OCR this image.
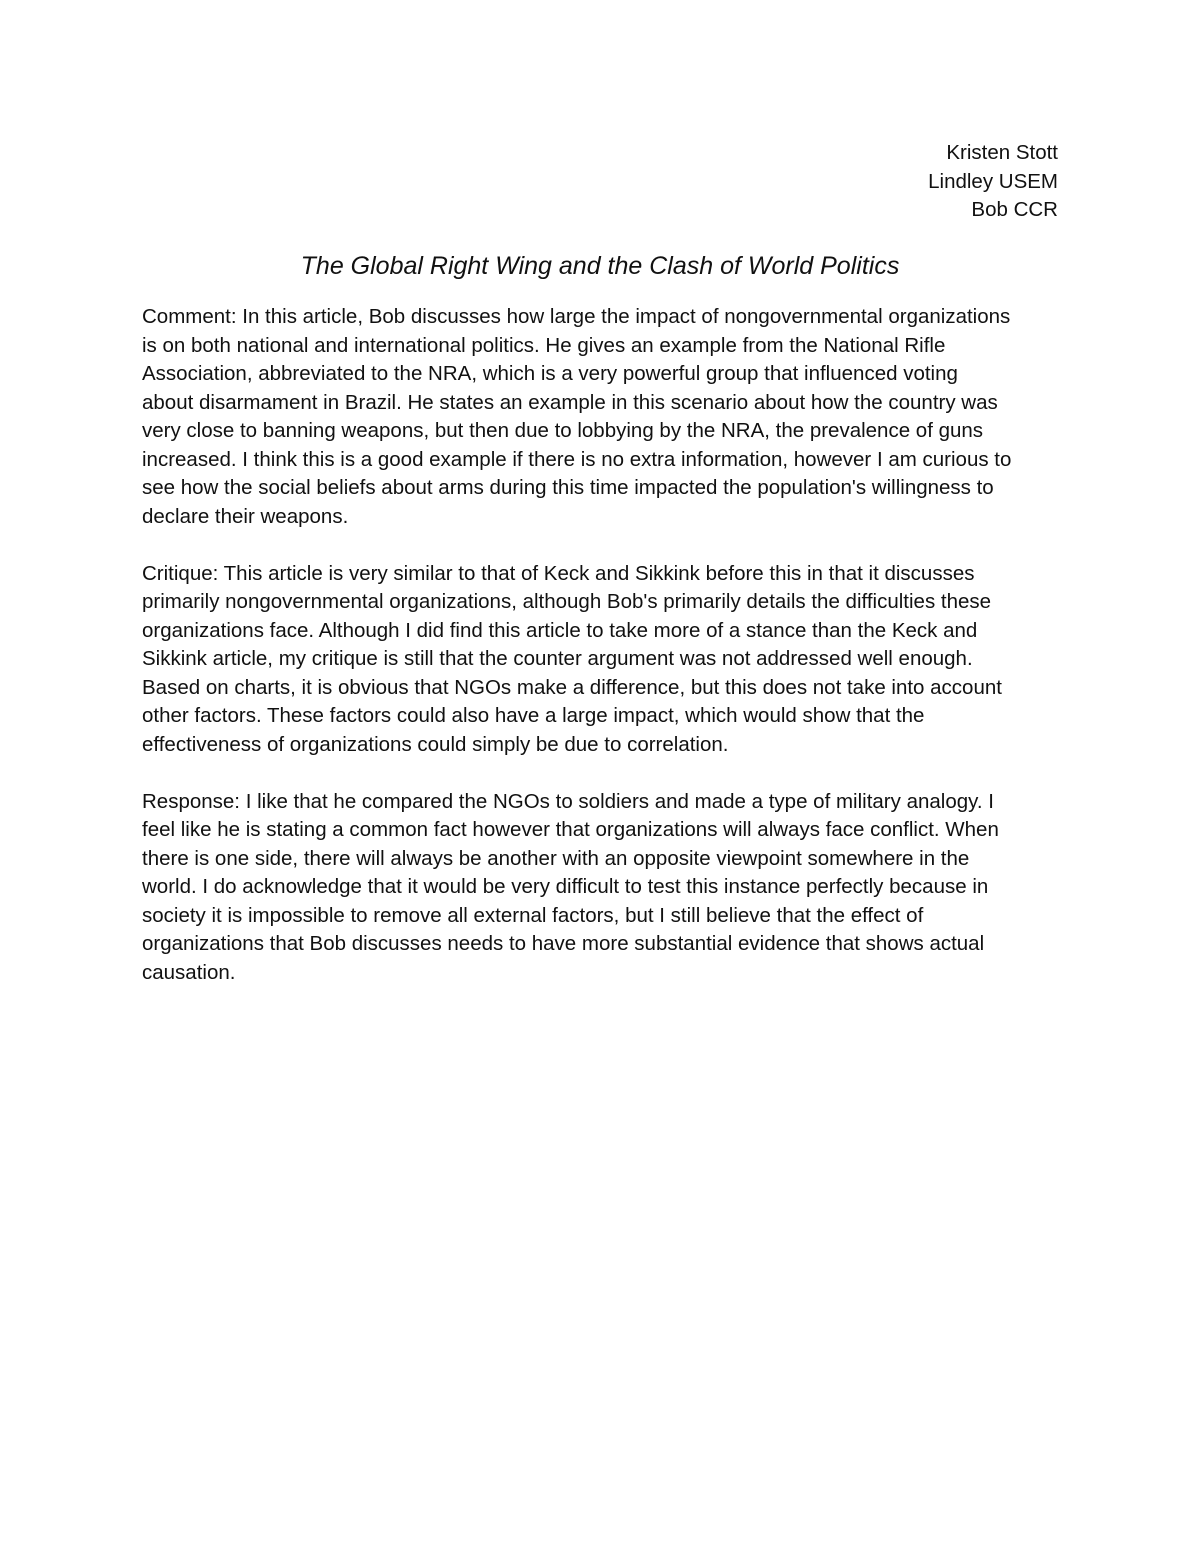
Kristen Stott
Lindley USEM
Bob CCR
The Global Right Wing and the Clash of World Politics

Comment: In this article, Bob discusses how large the impact of nongovernmental organizations
is on both national and international politics. He gives an example from the National Rifle
Association, abbreviated to the NRA, which is a very powerful group that influenced voting
about disarmament in Brazil. He states an example in this scenario about how the country was
very close to banning weapons, but then due to lobbying by the NRA, the prevalence of guns
increased. I think this is a good example if there is no extra information, however I am curious to
see how the social beliefs about arms during this time impacted the population's willingness to
declare their weapons.

Critique: This article is very similar to that of Keck and Sikkink before this in that it discusses
primarily nongovernmental organizations, although Bob's primarily details the difficulties these
organizations face. Although I did find this article to take more of a stance than the Keck and
Sikkink article, my critique is still that the counter argument was not addressed well enough.
Based on charts, it is obvious that NGOs make a difference, but this does not take into account
other factors. These factors could also have a large impact, which would show that the
effectiveness of organizations could simply be due to correlation.

Response: I like that he compared the NGOs to soldiers and made a type of military analogy. I
feel like he is stating a common fact however that organizations will always face conflict. When
there is one side, there will always be another with an opposite viewpoint somewhere in the
world. I do acknowledge that it would be very difficult to test this instance perfectly because in
society it is impossible to remove all external factors, but I still believe that the effect of
organizations that Bob discusses needs to have more substantial evidence that shows actual
causation.
